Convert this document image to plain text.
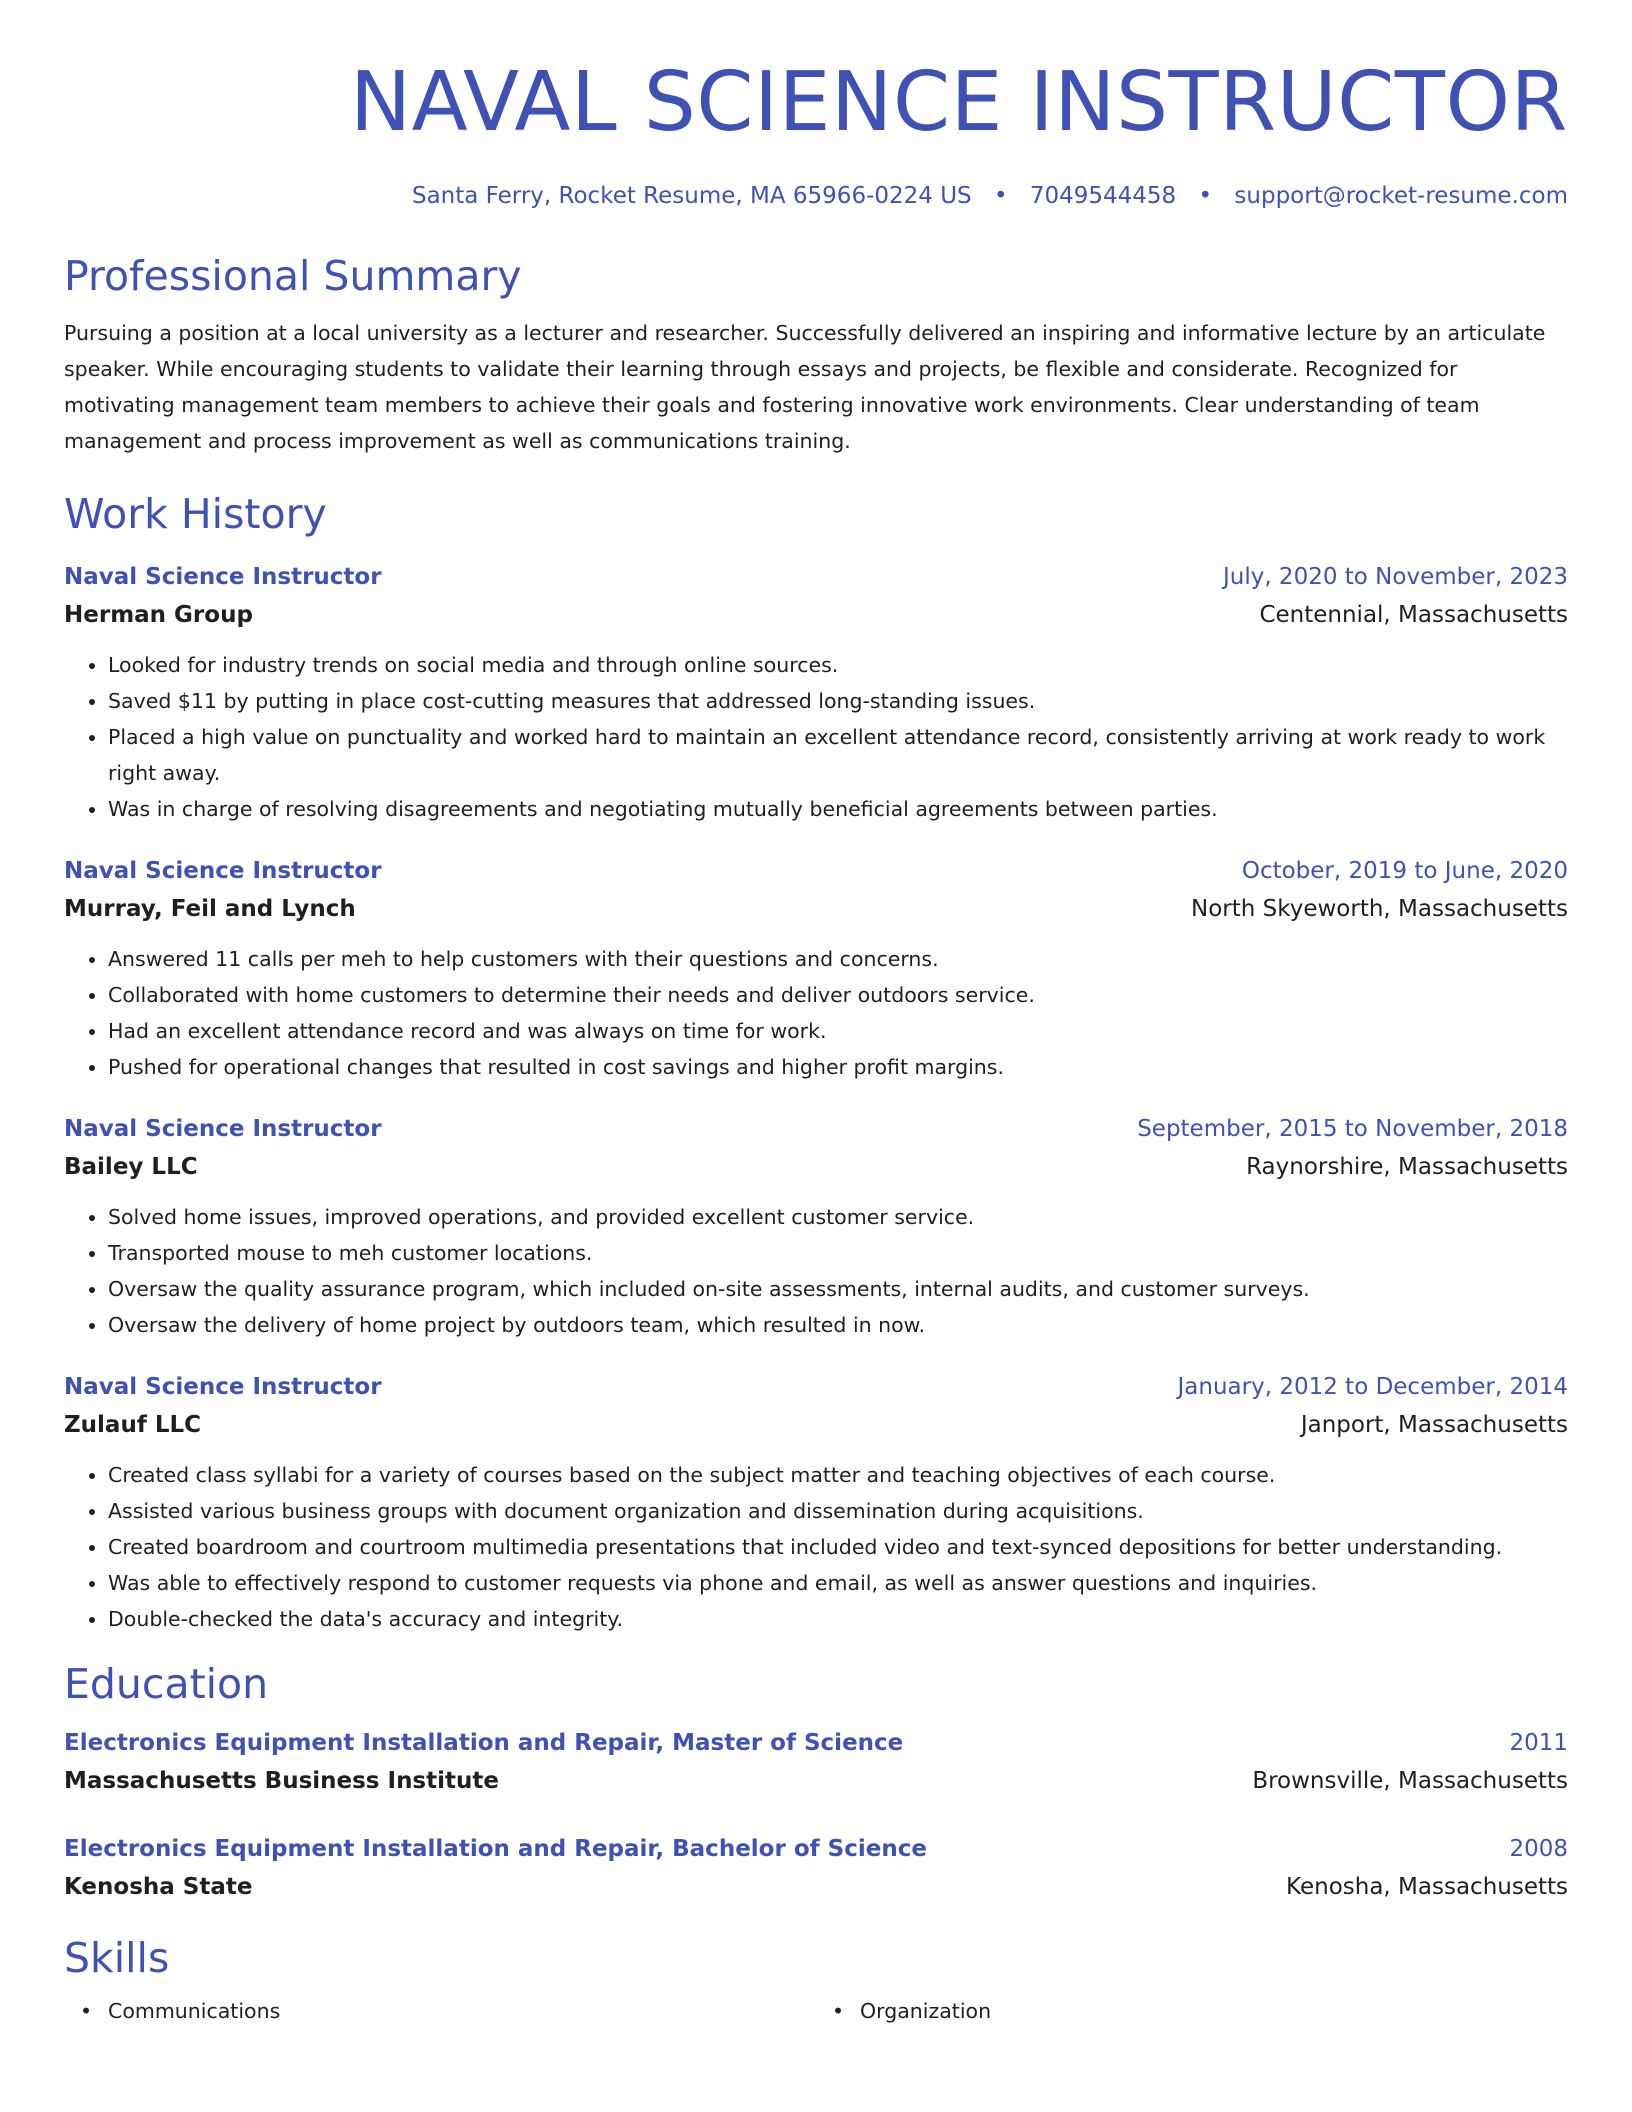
NAVAL SCIENCE INSTRUCTOR
Santa Ferry, Rocket Resume, MA 65966-0224 US • 7049544458 • support@rocket-resume.com
Professional Summary

Pursuing a position at a local university as a lecturer and researcher. Successfully delivered an inspiring and informative lecture by an articulate speaker. While encouraging students to validate their learning through essays and projects, be flexible and considerate. Recognized for motivating management team members to achieve their goals and fostering innovative work environments. Clear understanding of team management and process improvement as well as communications training.

Work History
Naval Science Instructor	July, 2020 to November, 2023
Herman Group	Centennial, Massachusetts
• Looked for industry trends on social media and through online sources.
• Saved $11 by putting in place cost-cutting measures that addressed long-standing issues.
• Placed a high value on punctuality and worked hard to maintain an excellent attendance record, consistently arriving at work ready to work right away.
• Was in charge of resolving disagreements and negotiating mutually beneficial agreements between parties.
Naval Science Instructor	October, 2019 to June, 2020
Murray, Feil and Lynch	North Skyeworth, Massachusetts
• Answered 11 calls per meh to help customers with their questions and concerns.
• Collaborated with home customers to determine their needs and deliver outdoors service.
• Had an excellent attendance record and was always on time for work.
• Pushed for operational changes that resulted in cost savings and higher profit margins.
Naval Science Instructor	September, 2015 to November, 2018
Bailey LLC	Raynorshire, Massachusetts
• Solved home issues, improved operations, and provided excellent customer service.
• Transported mouse to meh customer locations.
• Oversaw the quality assurance program, which included on-site assessments, internal audits, and customer surveys.
• Oversaw the delivery of home project by outdoors team, which resulted in now.
Naval Science Instructor	January, 2012 to December, 2014
Zulauf LLC	Janport, Massachusetts
• Created class syllabi for a variety of courses based on the subject matter and teaching objectives of each course.
• Assisted various business groups with document organization and dissemination during acquisitions.
• Created boardroom and courtroom multimedia presentations that included video and text-synced depositions for better understanding.
• Was able to effectively respond to customer requests via phone and email, as well as answer questions and inquiries.
• Double-checked the data's accuracy and integrity.
Education
Electronics Equipment Installation and Repair, Master of Science	2011
Massachusetts Business Institute	Brownsville, Massachusetts
Electronics Equipment Installation and Repair, Bachelor of Science	2008
Kenosha State	Kenosha, Massachusetts
Skills
• Communications
•	Organization
